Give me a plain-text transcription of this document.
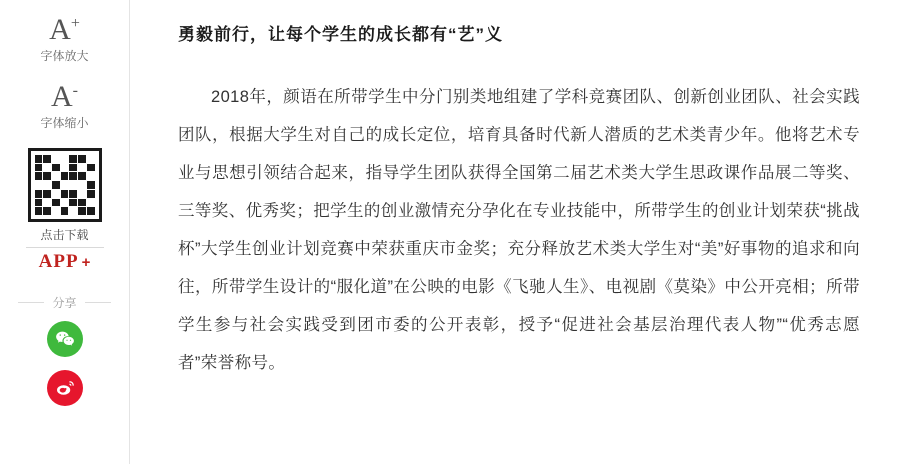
A+
字体放大
A-
字体缩小
点击下载
APP +
分享
勇毅前行，让每个学生的成长都有“艺”义

2018年，颜语在所带学生中分门别类地组建了学科竞赛团队、创新创业团队、社会实践团队，根据大学生对自己的成长定位，培育具备时代新人潜质的艺术类青少年。他将艺术专业与思想引领结合起来，指导学生团队获得全国第二届艺术类大学生思政课作品展二等奖、三等奖、优秀奖；把学生的创业激情充分孕化在专业技能中，所带学生的创业计划荣获“挑战杯”大学生创业计划竞赛中荣获重庆市金奖；充分释放艺术类大学生对“美”好事物的追求和向往，所带学生设计的“服化道”在公映的电影《飞驰人生》、电视剧《莫染》中公开亮相；所带学生参与社会实践受到团市委的公开表彰，授予“促进社会基层治理代表人物”“优秀志愿者”荣誉称号。
